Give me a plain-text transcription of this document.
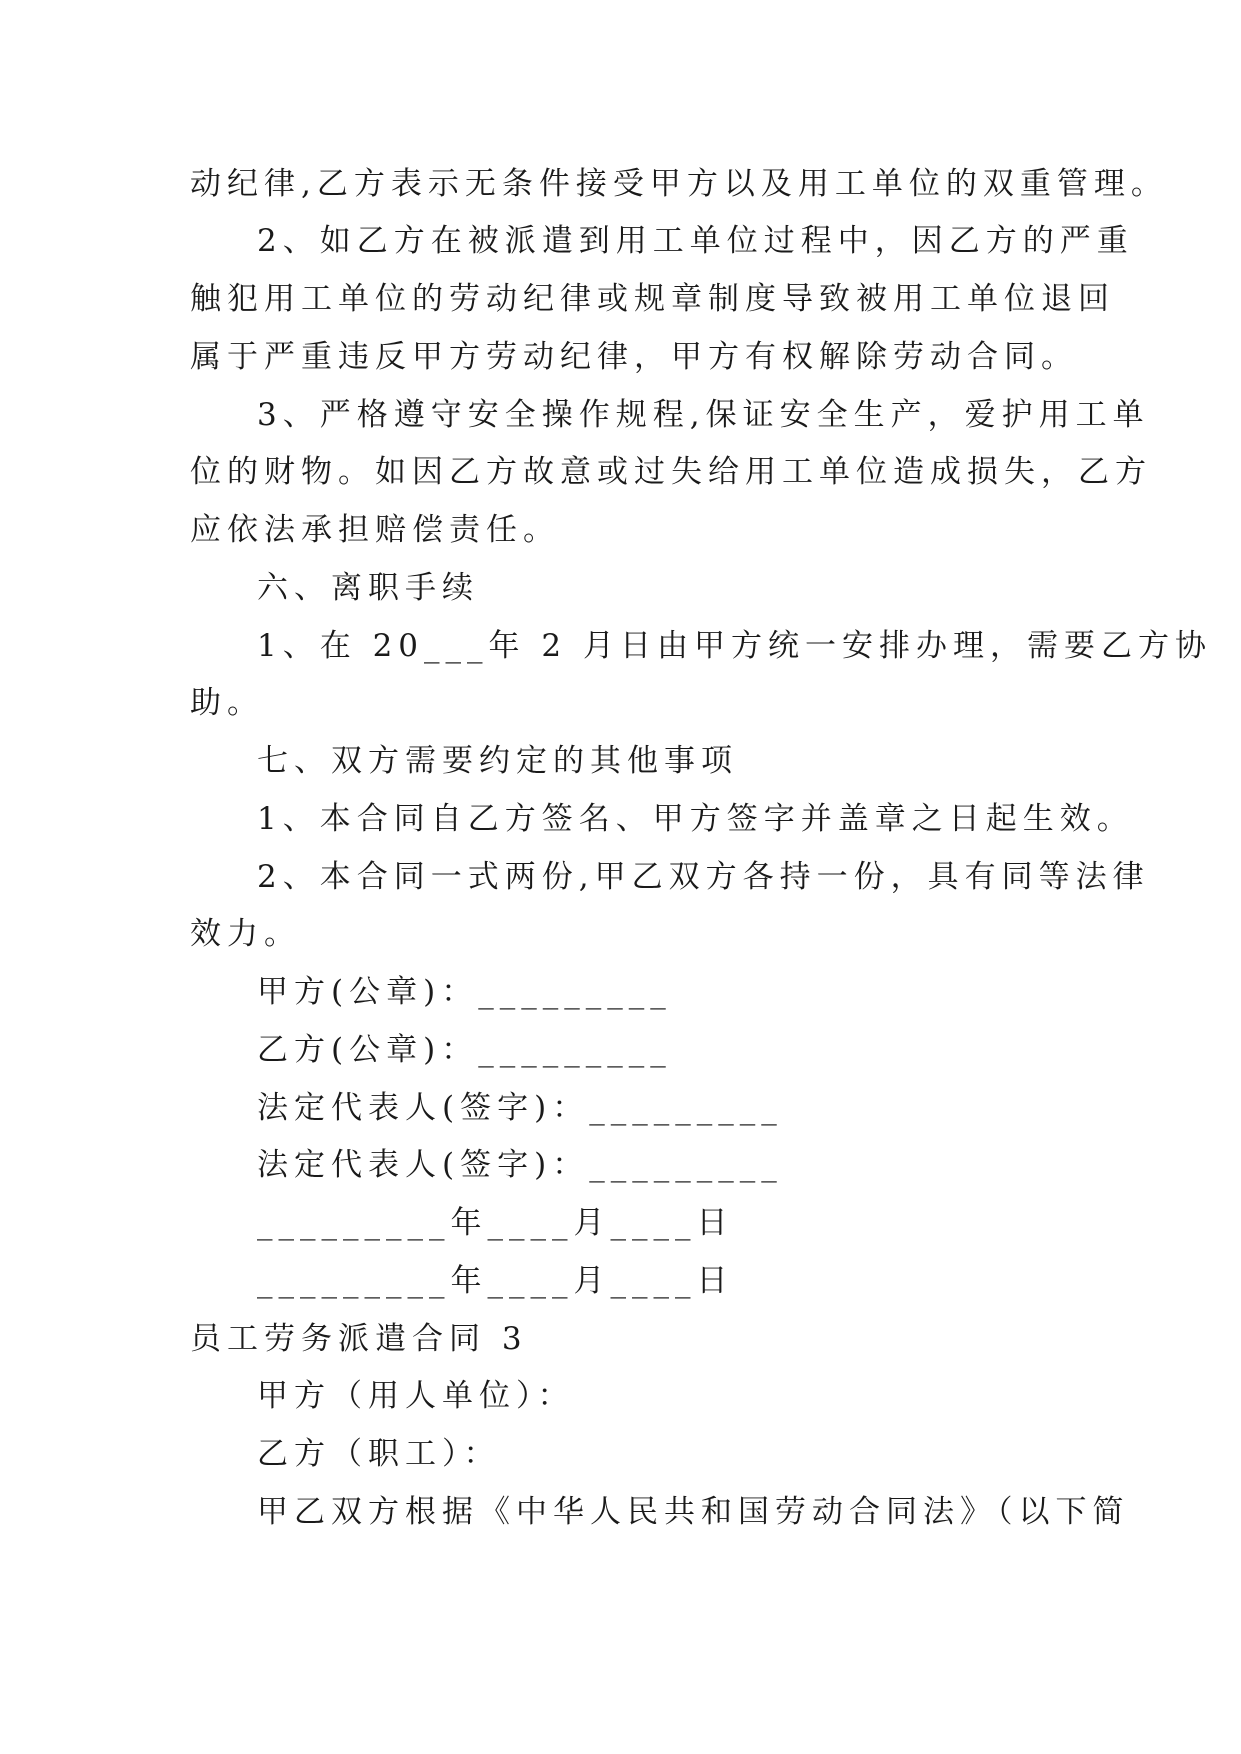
动纪律,乙方表示无条件接受甲方以及用工单位的双重管理。
2、如乙方在被派遣到用工单位过程中，因乙方的严重
触犯用工单位的劳动纪律或规章制度导致被用工单位退回
属于严重违反甲方劳动纪律，甲方有权解除劳动合同。
3、严格遵守安全操作规程,保证安全生产，爱护用工单
位的财物。如因乙方故意或过失给用工单位造成损失，乙方
应依法承担赔偿责任。
六、离职手续
1、在 20___年 2 月日由甲方统一安排办理，需要乙方协
助。
七、双方需要约定的其他事项
1、本合同自乙方签名、甲方签字并盖章之日起生效。
2、本合同一式两份,甲乙双方各持一份，具有同等法律
效力。
甲方(公章)：_________
乙方(公章)：_________
法定代表人(签字)：_________
法定代表人(签字)：_________
_________年____月____日
_________年____月____日
员工劳务派遣合同 3
甲方（用人单位）：
乙方（职工）：
甲乙双方根据《中华人民共和国劳动合同法》（以下简
